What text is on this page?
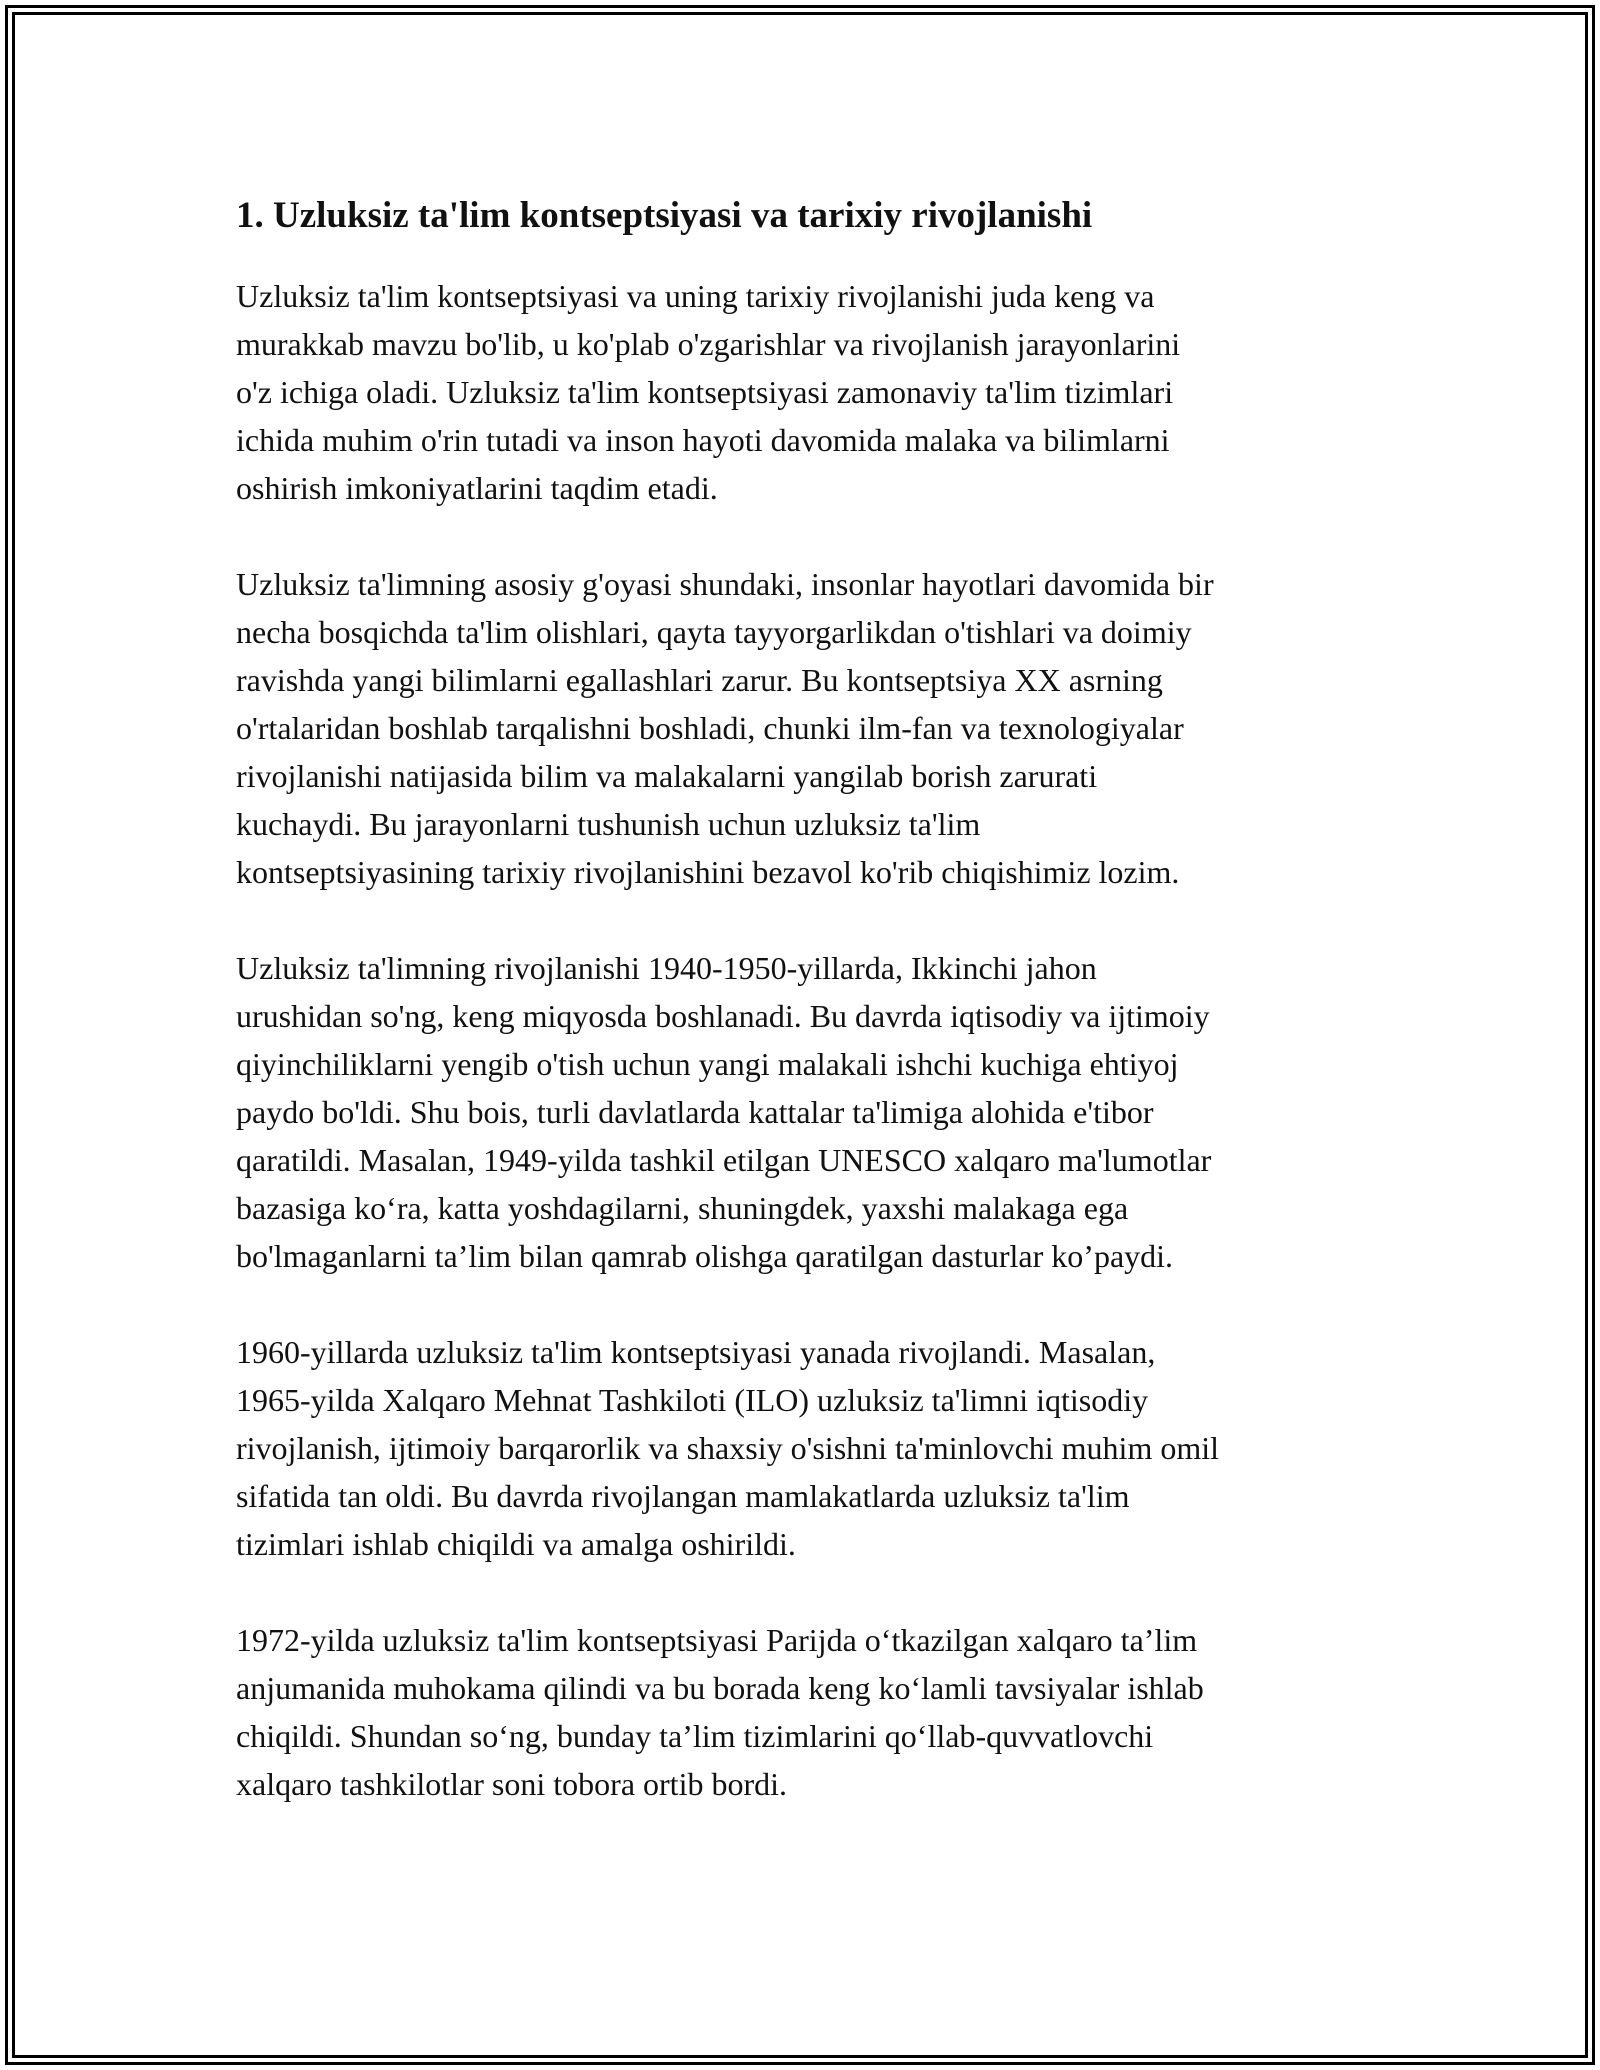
1. Uzluksiz ta'lim kontseptsiyasi va tarixiy rivojlanishi

Uzluksiz ta'lim kontseptsiyasi va uning tarixiy rivojlanishi juda keng va
murakkab mavzu bo'lib, u ko'plab o'zgarishlar va rivojlanish jarayonlarini
o'z ichiga oladi. Uzluksiz ta'lim kontseptsiyasi zamonaviy ta'lim tizimlari
ichida muhim o'rin tutadi va inson hayoti davomida malaka va bilimlarni
oshirish imkoniyatlarini taqdim etadi.

Uzluksiz ta'limning asosiy g'oyasi shundaki, insonlar hayotlari davomida bir
necha bosqichda ta'lim olishlari, qayta tayyorgarlikdan o'tishlari va doimiy
ravishda yangi bilimlarni egallashlari zarur. Bu kontseptsiya XX asrning
o'rtalaridan boshlab tarqalishni boshladi, chunki ilm-fan va texnologiyalar
rivojlanishi natijasida bilim va malakalarni yangilab borish zarurati
kuchaydi. Bu jarayonlarni tushunish uchun uzluksiz ta'lim
kontseptsiyasining tarixiy rivojlanishini bezavol ko'rib chiqishimiz lozim.

Uzluksiz ta'limning rivojlanishi 1940-1950-yillarda, Ikkinchi jahon
urushidan so'ng, keng miqyosda boshlanadi. Bu davrda iqtisodiy va ijtimoiy
qiyinchiliklarni yengib o'tish uchun yangi malakali ishchi kuchiga ehtiyoj
paydo bo'ldi. Shu bois, turli davlatlarda kattalar ta'limiga alohida e'tibor
qaratildi. Masalan, 1949-yilda tashkil etilgan UNESCO xalqaro ma'lumotlar
bazasiga ko‘ra, katta yoshdagilarni, shuningdek, yaxshi malakaga ega
bo'lmaganlarni ta’lim bilan qamrab olishga qaratilgan dasturlar ko’paydi.

1960-yillarda uzluksiz ta'lim kontseptsiyasi yanada rivojlandi. Masalan,
1965-yilda Xalqaro Mehnat Tashkiloti (ILO) uzluksiz ta'limni iqtisodiy
rivojlanish, ijtimoiy barqarorlik va shaxsiy o'sishni ta'minlovchi muhim omil
sifatida tan oldi. Bu davrda rivojlangan mamlakatlarda uzluksiz ta'lim
tizimlari ishlab chiqildi va amalga oshirildi.

1972-yilda uzluksiz ta'lim kontseptsiyasi Parijda o‘tkazilgan xalqaro ta’lim
anjumanida muhokama qilindi va bu borada keng ko‘lamli tavsiyalar ishlab
chiqildi. Shundan so‘ng, bunday ta’lim tizimlarini qo‘llab-quvvatlovchi
xalqaro tashkilotlar soni tobora ortib bordi.
